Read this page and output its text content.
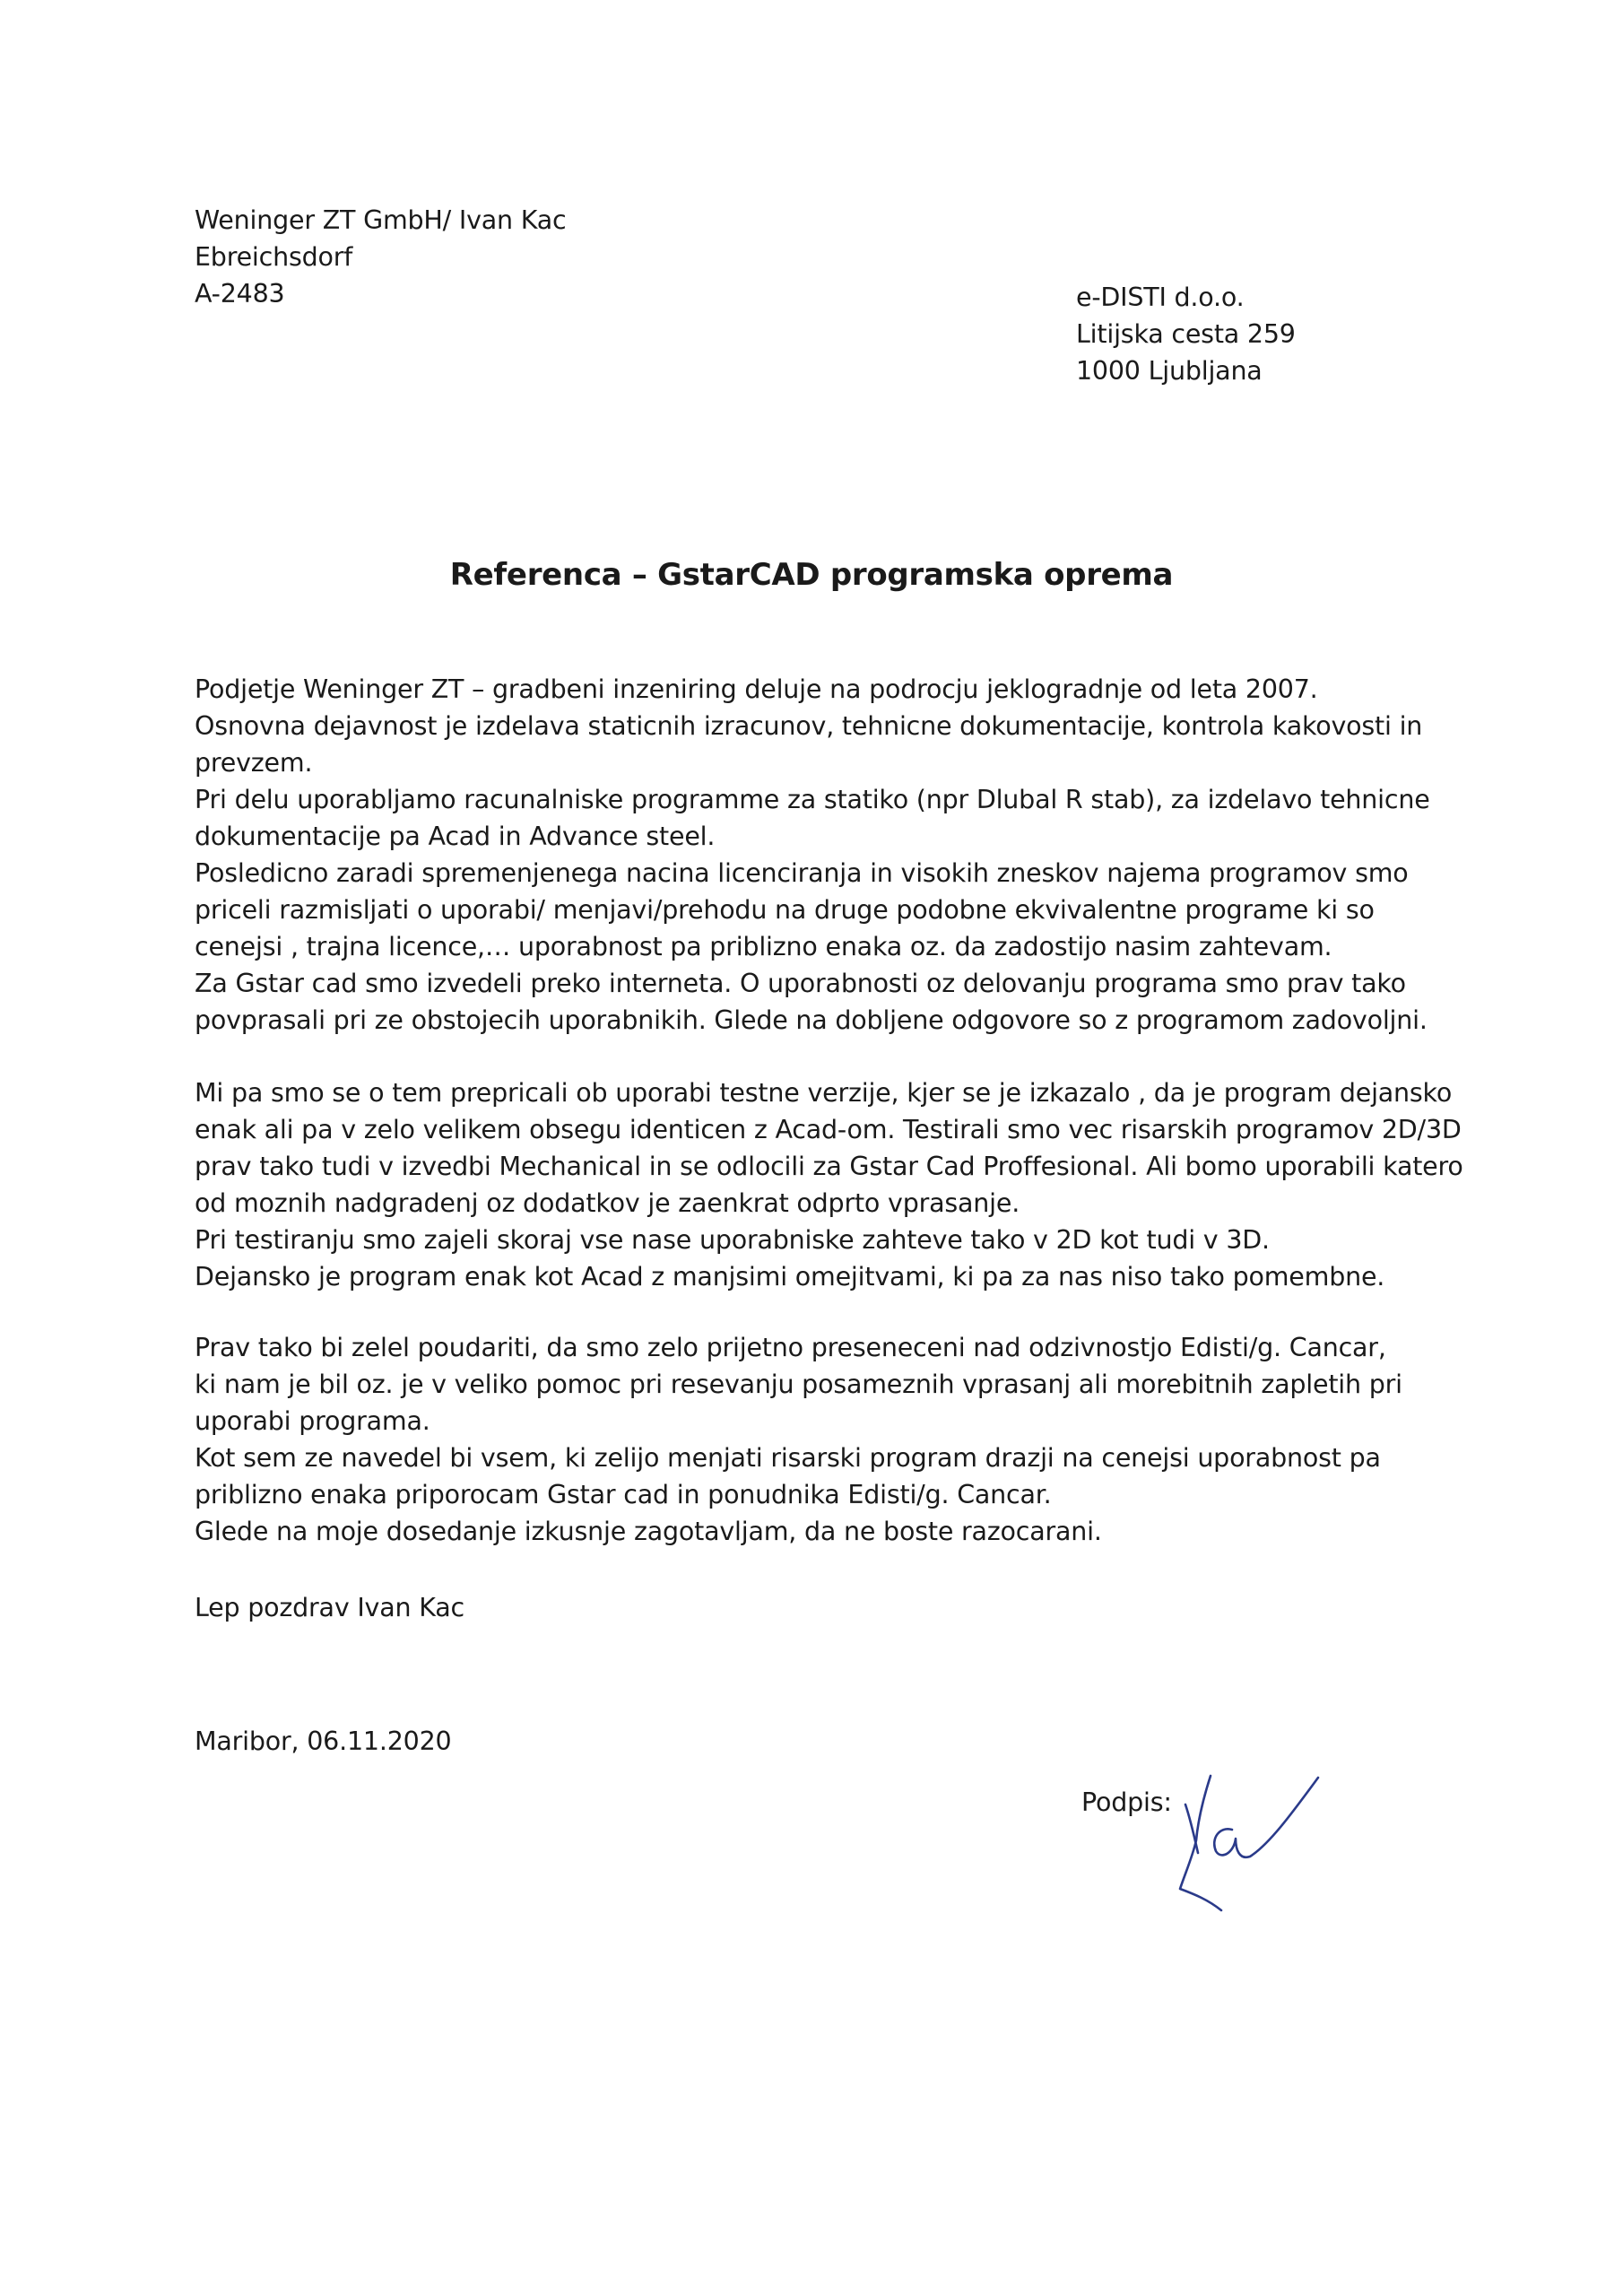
Weninger ZT GmbH/ Ivan Kac
Ebreichsdorf
A-2483	e-DISTI d.o.o.
Litijska cesta 259
1000 Ljubljana
Referenca – GstarCAD programska oprema
Podjetje Weninger ZT – gradbeni inzeniring deluje na podrocju jeklogradnje od leta 2007.
Osnovna dejavnost je izdelava staticnih izracunov, tehnicne dokumentacije, kontrola kakovosti in
prevzem.
Pri delu uporabljamo racunalniske programme za statiko (npr Dlubal R stab), za izdelavo tehnicne
dokumentacije pa Acad in Advance steel.
Posledicno zaradi spremenjenega nacina licenciranja in visokih zneskov najema programov smo
priceli razmisljati o uporabi/ menjavi/prehodu na druge podobne ekvivalentne programe ki so
cenejsi , trajna licence,… uporabnost pa priblizno enaka oz. da zadostijo nasim zahtevam.
Za Gstar cad smo izvedeli preko interneta. O uporabnosti oz delovanju programa smo prav tako
povprasali pri ze obstojecih uporabnikih. Glede na dobljene odgovore so z programom zadovoljni.
Mi pa smo se o tem prepricali ob uporabi testne verzije, kjer se je izkazalo , da je program dejansko
enak ali pa v zelo velikem obsegu identicen z Acad-om. Testirali smo vec risarskih programov 2D/3D
prav tako tudi v izvedbi Mechanical in se odlocili za Gstar Cad Proffesional. Ali bomo uporabili katero
od moznih nadgradenj oz dodatkov je zaenkrat odprto vprasanje.
Pri testiranju smo zajeli skoraj vse nase uporabniske zahteve tako v 2D kot tudi v 3D.
Dejansko je program enak kot Acad z manjsimi omejitvami, ki pa za nas niso tako pomembne.
Prav tako bi zelel poudariti, da smo zelo prijetno preseneceni nad odzivnostjo Edisti/g. Cancar,
ki nam je bil oz. je v veliko pomoc pri resevanju posameznih vprasanj ali morebitnih zapletih pri
uporabi programa.
Kot sem ze navedel bi vsem, ki zelijo menjati risarski program drazji na cenejsi uporabnost pa
priblizno enaka priporocam Gstar cad in ponudnika Edisti/g. Cancar.
Glede na moje dosedanje izkusnje zagotavljam, da ne boste razocarani.
Lep pozdrav Ivan Kac
Maribor, 06.11.2020
Podpis:
